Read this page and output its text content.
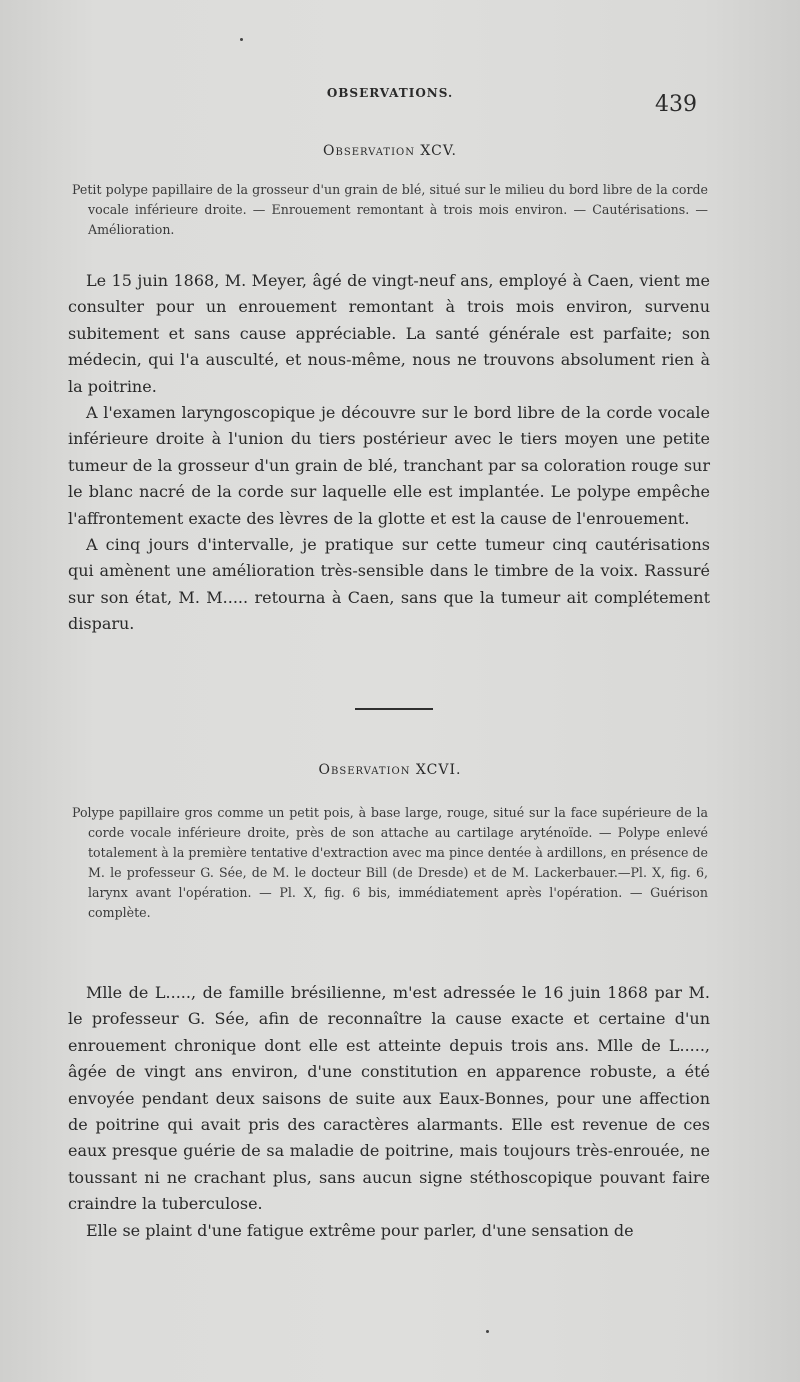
OBSERVATIONS.	439
Observation XCV.
Petit polype papillaire de la grosseur d'un grain de blé, situé sur le milieu du bord libre de la corde vocale inférieure droite. — Enrouement remontant à trois mois environ. — Cautérisations. — Amélioration.

Le 15 juin 1868, M. Meyer, âgé de vingt-neuf ans, employé à Caen, vient me consulter pour un enrouement remontant à trois mois environ, survenu subitement et sans cause appréciable. La santé générale est parfaite; son médecin, qui l'a ausculté, et nous-même, nous ne trouvons absolument rien à la poitrine.

A l'examen laryngoscopique je découvre sur le bord libre de la corde vocale inférieure droite à l'union du tiers postérieur avec le tiers moyen une petite tumeur de la grosseur d'un grain de blé, tranchant par sa coloration rouge sur le blanc nacré de la corde sur laquelle elle est implantée. Le polype empêche l'affrontement exacte des lèvres de la glotte et est la cause de l'enrouement.

A cinq jours d'intervalle, je pratique sur cette tumeur cinq cautérisations qui amènent une amélioration très-sensible dans le timbre de la voix. Rassuré sur son état, M. M..... retourna à Caen, sans que la tumeur ait complétement disparu.

Observation XCVI.
Polype papillaire gros comme un petit pois, à base large, rouge, situé sur la face supérieure de la corde vocale inférieure droite, près de son attache au cartilage aryténoïde. — Polype enlevé totalement à la première tentative d'extraction avec ma pince dentée à ardillons, en présence de M. le professeur G. Sée, de M. le docteur Bill (de Dresde) et de M. Lackerbauer.—Pl. X, fig. 6, larynx avant l'opération. — Pl. X, fig. 6 bis, immédiatement après l'opération. — Guérison complète.

Mlle de L....., de famille brésilienne, m'est adressée le 16 juin 1868 par M. le professeur G. Sée, afin de reconnaître la cause exacte et certaine d'un enrouement chronique dont elle est atteinte depuis trois ans. Mlle de L....., âgée de vingt ans environ, d'une constitution en apparence robuste, a été envoyée pendant deux saisons de suite aux Eaux-Bonnes, pour une affection de poitrine qui avait pris des caractères alarmants. Elle est revenue de ces eaux presque guérie de sa maladie de poitrine, mais toujours très-enrouée, ne toussant ni ne crachant plus, sans aucun signe stéthoscopique pouvant faire craindre la tuberculose.

Elle se plaint d'une fatigue extrême pour parler, d'une sensation de
